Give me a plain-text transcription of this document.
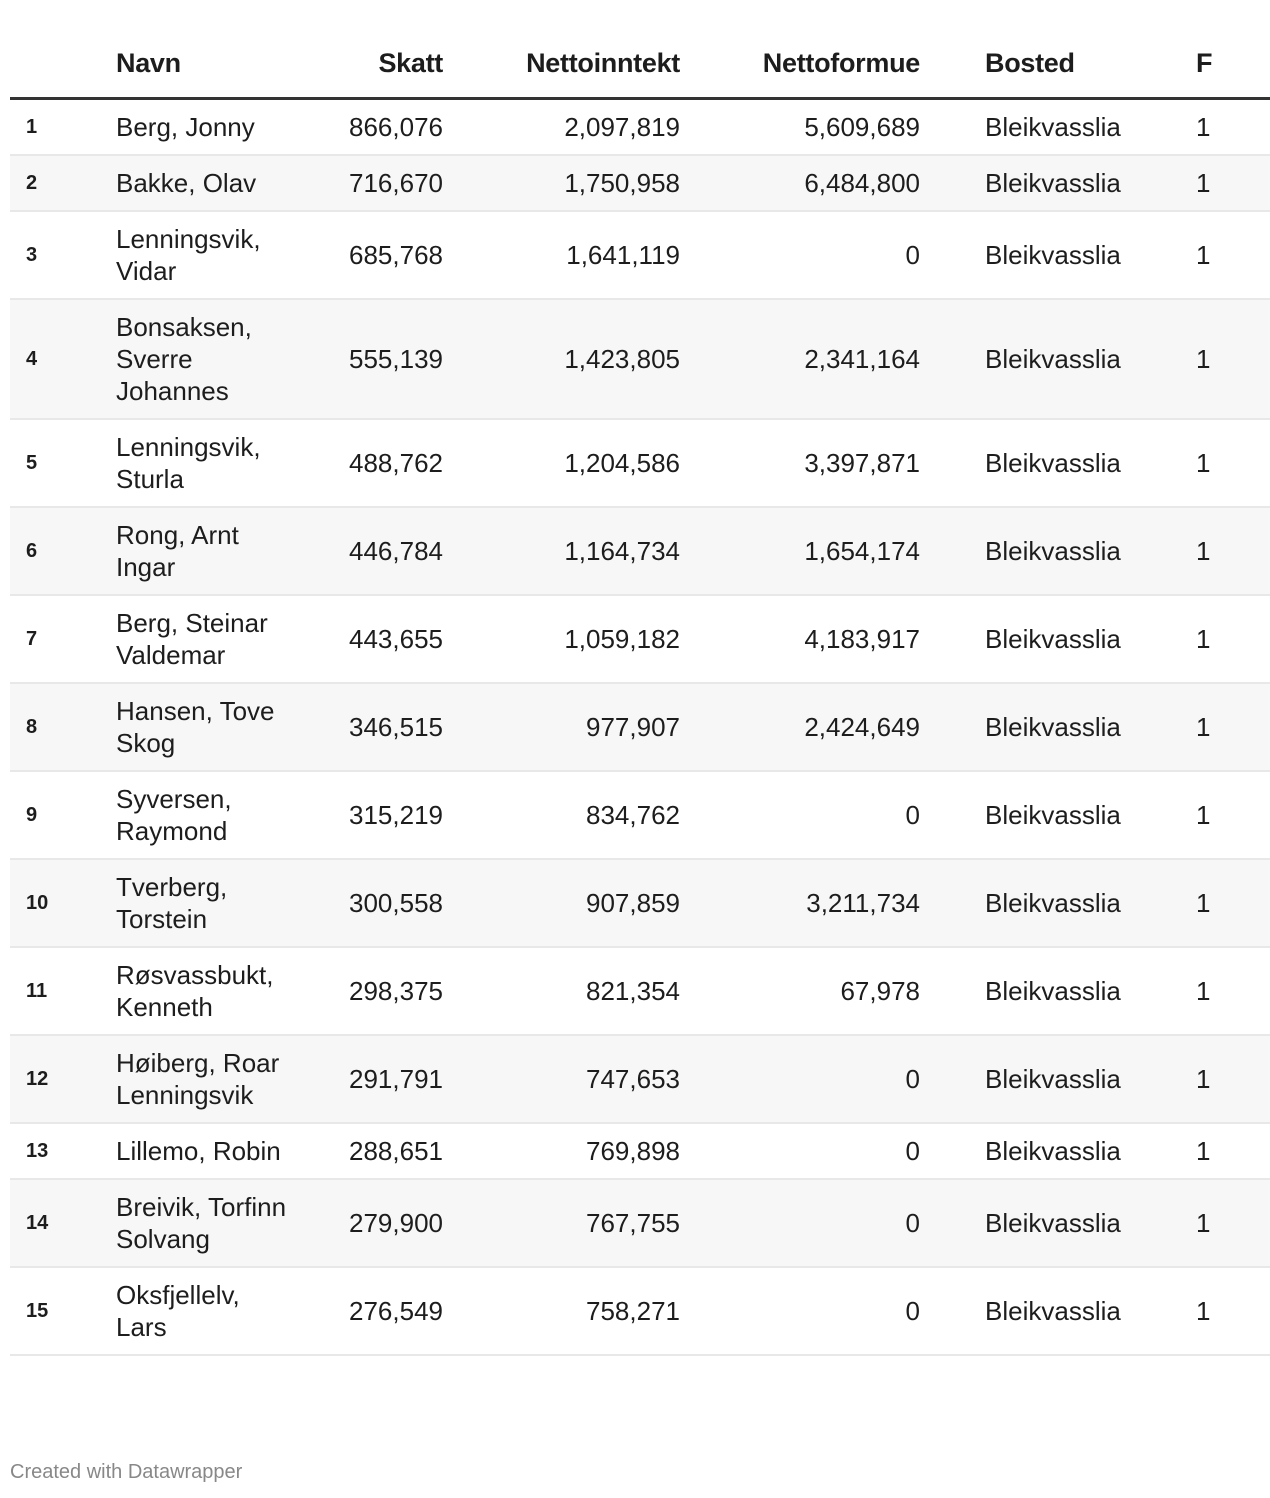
	Navn	Skatt	Nettoinntekt	Nettoformue	Bosted	F
1	Berg, Jonny	866,076	2,097,819	5,609,689	Bleikvasslia	1
2	Bakke, Olav	716,670	1,750,958	6,484,800	Bleikvasslia	1
3	Lenningsvik, Vidar	685,768	1,641,119	0	Bleikvasslia	1
4	Bonsaksen, Sverre Johannes	555,139	1,423,805	2,341,164	Bleikvasslia	1
5	Lenningsvik, Sturla	488,762	1,204,586	3,397,871	Bleikvasslia	1
6	Rong, Arnt Ingar	446,784	1,164,734	1,654,174	Bleikvasslia	1
7	Berg, Steinar Valdemar	443,655	1,059,182	4,183,917	Bleikvasslia	1
8	Hansen, Tove Skog	346,515	977,907	2,424,649	Bleikvasslia	1
9	Syversen, Raymond	315,219	834,762	0	Bleikvasslia	1
10	Tverberg, Torstein	300,558	907,859	3,211,734	Bleikvasslia	1
11	Røsvassbukt, Kenneth	298,375	821,354	67,978	Bleikvasslia	1
12	Høiberg, Roar Lenningsvik	291,791	747,653	0	Bleikvasslia	1
13	Lillemo, Robin	288,651	769,898	0	Bleikvasslia	1
14	Breivik, Torfinn Solvang	279,900	767,755	0	Bleikvasslia	1
15	Oksfjellelv, Lars	276,549	758,271	0	Bleikvasslia	1
Created with Datawrapper
